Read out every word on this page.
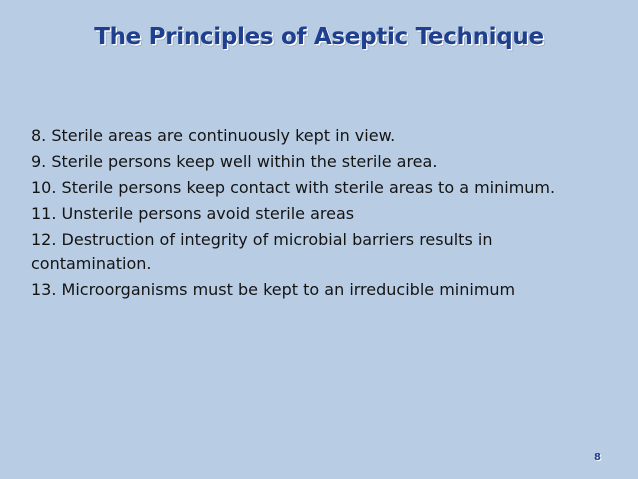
The Principles of Aseptic Technique
8. Sterile areas are continuously kept in view.
9. Sterile persons keep well within the sterile area.
10. Sterile persons keep contact with sterile areas to a minimum.
11. Unsterile persons avoid sterile areas
12. Destruction of integrity of microbial barriers results in contamination.
13. Microorganisms must be kept to an irreducible minimum
8
